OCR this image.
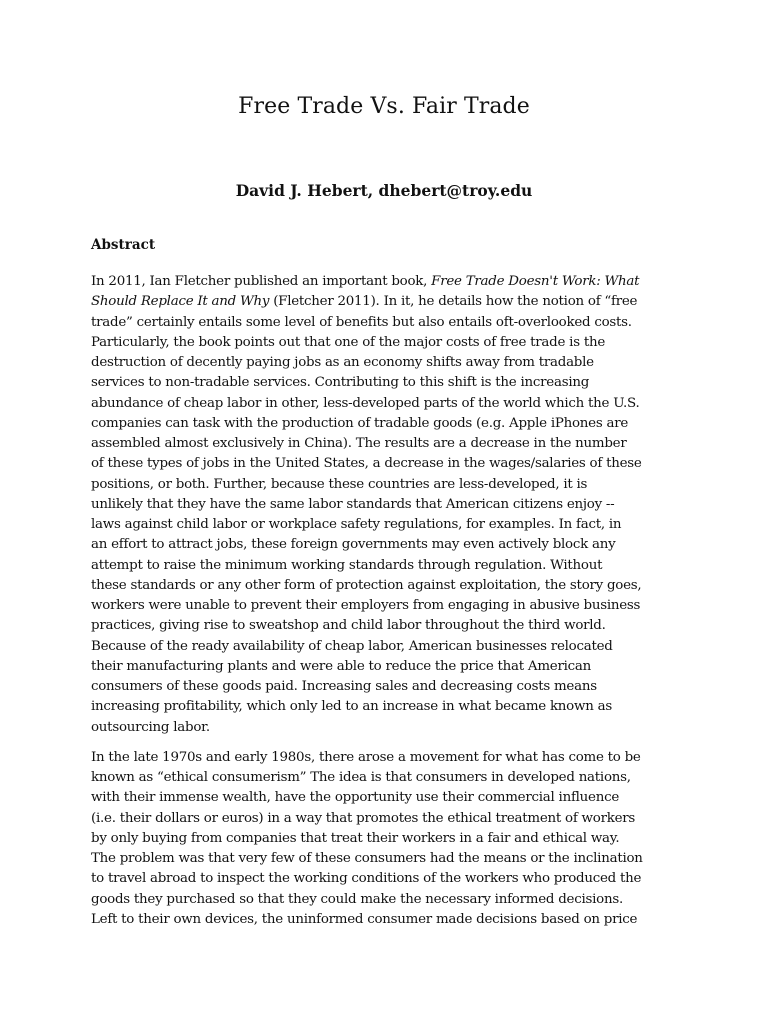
Free Trade Vs. Fair Trade
David J. Hebert, dhebert@troy.edu
Abstract

In 2011, Ian Fletcher published an important book, Free Trade Doesn't Work: What
Should Replace It and Why (Fletcher 2011). In it, he details how the notion of “free
trade” certainly entails some level of benefits but also entails oft-overlooked costs.
Particularly, the book points out that one of the major costs of free trade is the
destruction of decently paying jobs as an economy shifts away from tradable
services to non-tradable services. Contributing to this shift is the increasing
abundance of cheap labor in other, less-developed parts of the world which the U.S.
companies can task with the production of tradable goods (e.g. Apple iPhones are
assembled almost exclusively in China). The results are a decrease in the number
of these types of jobs in the United States, a decrease in the wages/salaries of these
positions, or both. Further, because these countries are less-developed, it is
unlikely that they have the same labor standards that American citizens enjoy --
laws against child labor or workplace safety regulations, for examples. In fact, in
an effort to attract jobs, these foreign governments may even actively block any
attempt to raise the minimum working standards through regulation. Without
these standards or any other form of protection against exploitation, the story goes,
workers were unable to prevent their employers from engaging in abusive business
practices, giving rise to sweatshop and child labor throughout the third world.
Because of the ready availability of cheap labor, American businesses relocated
their manufacturing plants and were able to reduce the price that American
consumers of these goods paid. Increasing sales and decreasing costs means
increasing profitability, which only led to an increase in what became known as
outsourcing labor.

In the late 1970s and early 1980s, there arose a movement for what has come to be
known as “ethical consumerism” The idea is that consumers in developed nations,
with their immense wealth, have the opportunity use their commercial influence
(i.e. their dollars or euros) in a way that promotes the ethical treatment of workers
by only buying from companies that treat their workers in a fair and ethical way.
The problem was that very few of these consumers had the means or the inclination
to travel abroad to inspect the working conditions of the workers who produced the
goods they purchased so that they could make the necessary informed decisions.
Left to their own devices, the uninformed consumer made decisions based on price
